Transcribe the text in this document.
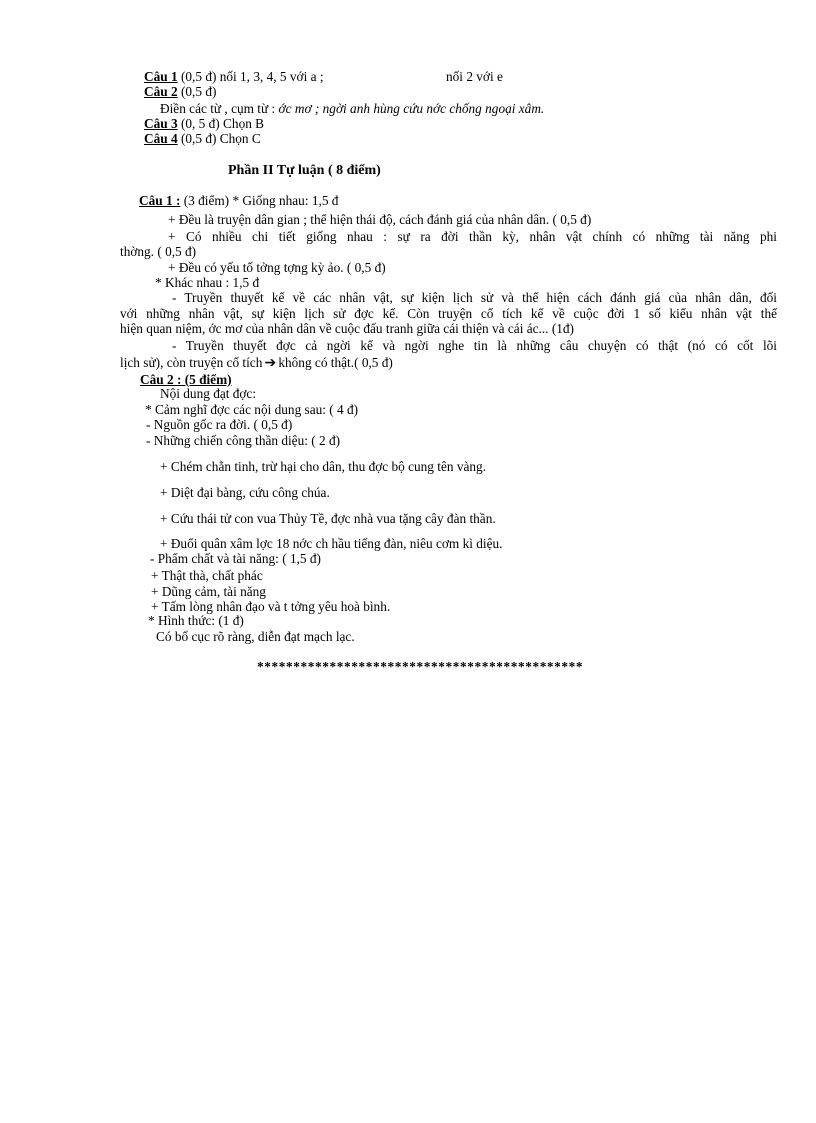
Câu 1 (0,5 đ) nối 1, 3, 4, 5 với a ;	nối 2 với e
Câu 2 (0,5 đ)
Điền các từ , cụm từ : ớc mơ ; ngời anh hùng cứu nớc chống ngoại xâm.
Câu 3 (0, 5 đ) Chọn B
Câu 4 (0,5 đ) Chọn C
Phần II Tự luận ( 8 điểm)
Câu 1 : (3 điểm) * Giống nhau: 1,5 đ
+ Đều là truyện dân gian ; thể hiện thái độ, cách đánh giá của nhân dân. ( 0,5 đ)
+ Có nhiều chi tiết giống nhau : sự ra đời thần kỳ, nhân vật chính có những tài năng phi
thờng. ( 0,5 đ)
+ Đều có yếu tố tởng tợng kỳ ảo. ( 0,5 đ)
* Khác nhau : 1,5 đ
- Truyền thuyết kể về các nhân vật, sự kiện lịch sử và thể hiện cách đánh giá của nhân dân, đối
với những nhân vật, sự kiện lịch sử đợc kể. Còn truyện cổ tích kể về cuộc đời 1 số kiểu nhân vật thể
hiện quan niệm, ớc mơ của nhân dân về cuộc đấu tranh giữa cái thiện và cái ác... (1đ)
- Truyền thuyết đợc cả ngời kể và ngời nghe tin là những câu chuyện có thật (nó có cốt lõi
lịch sử), còn truyện cổ tích ➔ không có thật.( 0,5 đ)
Câu 2 : (5 điểm)
Nội dung đạt đợc:
* Cảm nghĩ đợc các nội dung sau: ( 4 đ)
- Nguồn gốc ra đời. ( 0,5 đ)
- Những chiến công thần diệu: ( 2 đ)
+ Chém chằn tinh, trừ hại cho dân, thu đợc bộ cung tên vàng.
+ Diệt đại bàng, cứu công chúa.
+ Cứu thái tử con vua Thủy Tề, đợc nhà vua tặng cây đàn thần.
+ Đuổi quân xâm lợc 18 nớc ch hầu tiếng đàn, niêu cơm kì diệu.
- Phẩm chất và tài năng: ( 1,5 đ)
+ Thật thà, chất phác
+ Dũng cảm, tài năng
+ Tấm lòng nhân đạo và t tởng yêu hoà bình.
* Hình thức: (1 đ)
Có bố cục rõ ràng, diễn đạt mạch lạc.
*********************************************
